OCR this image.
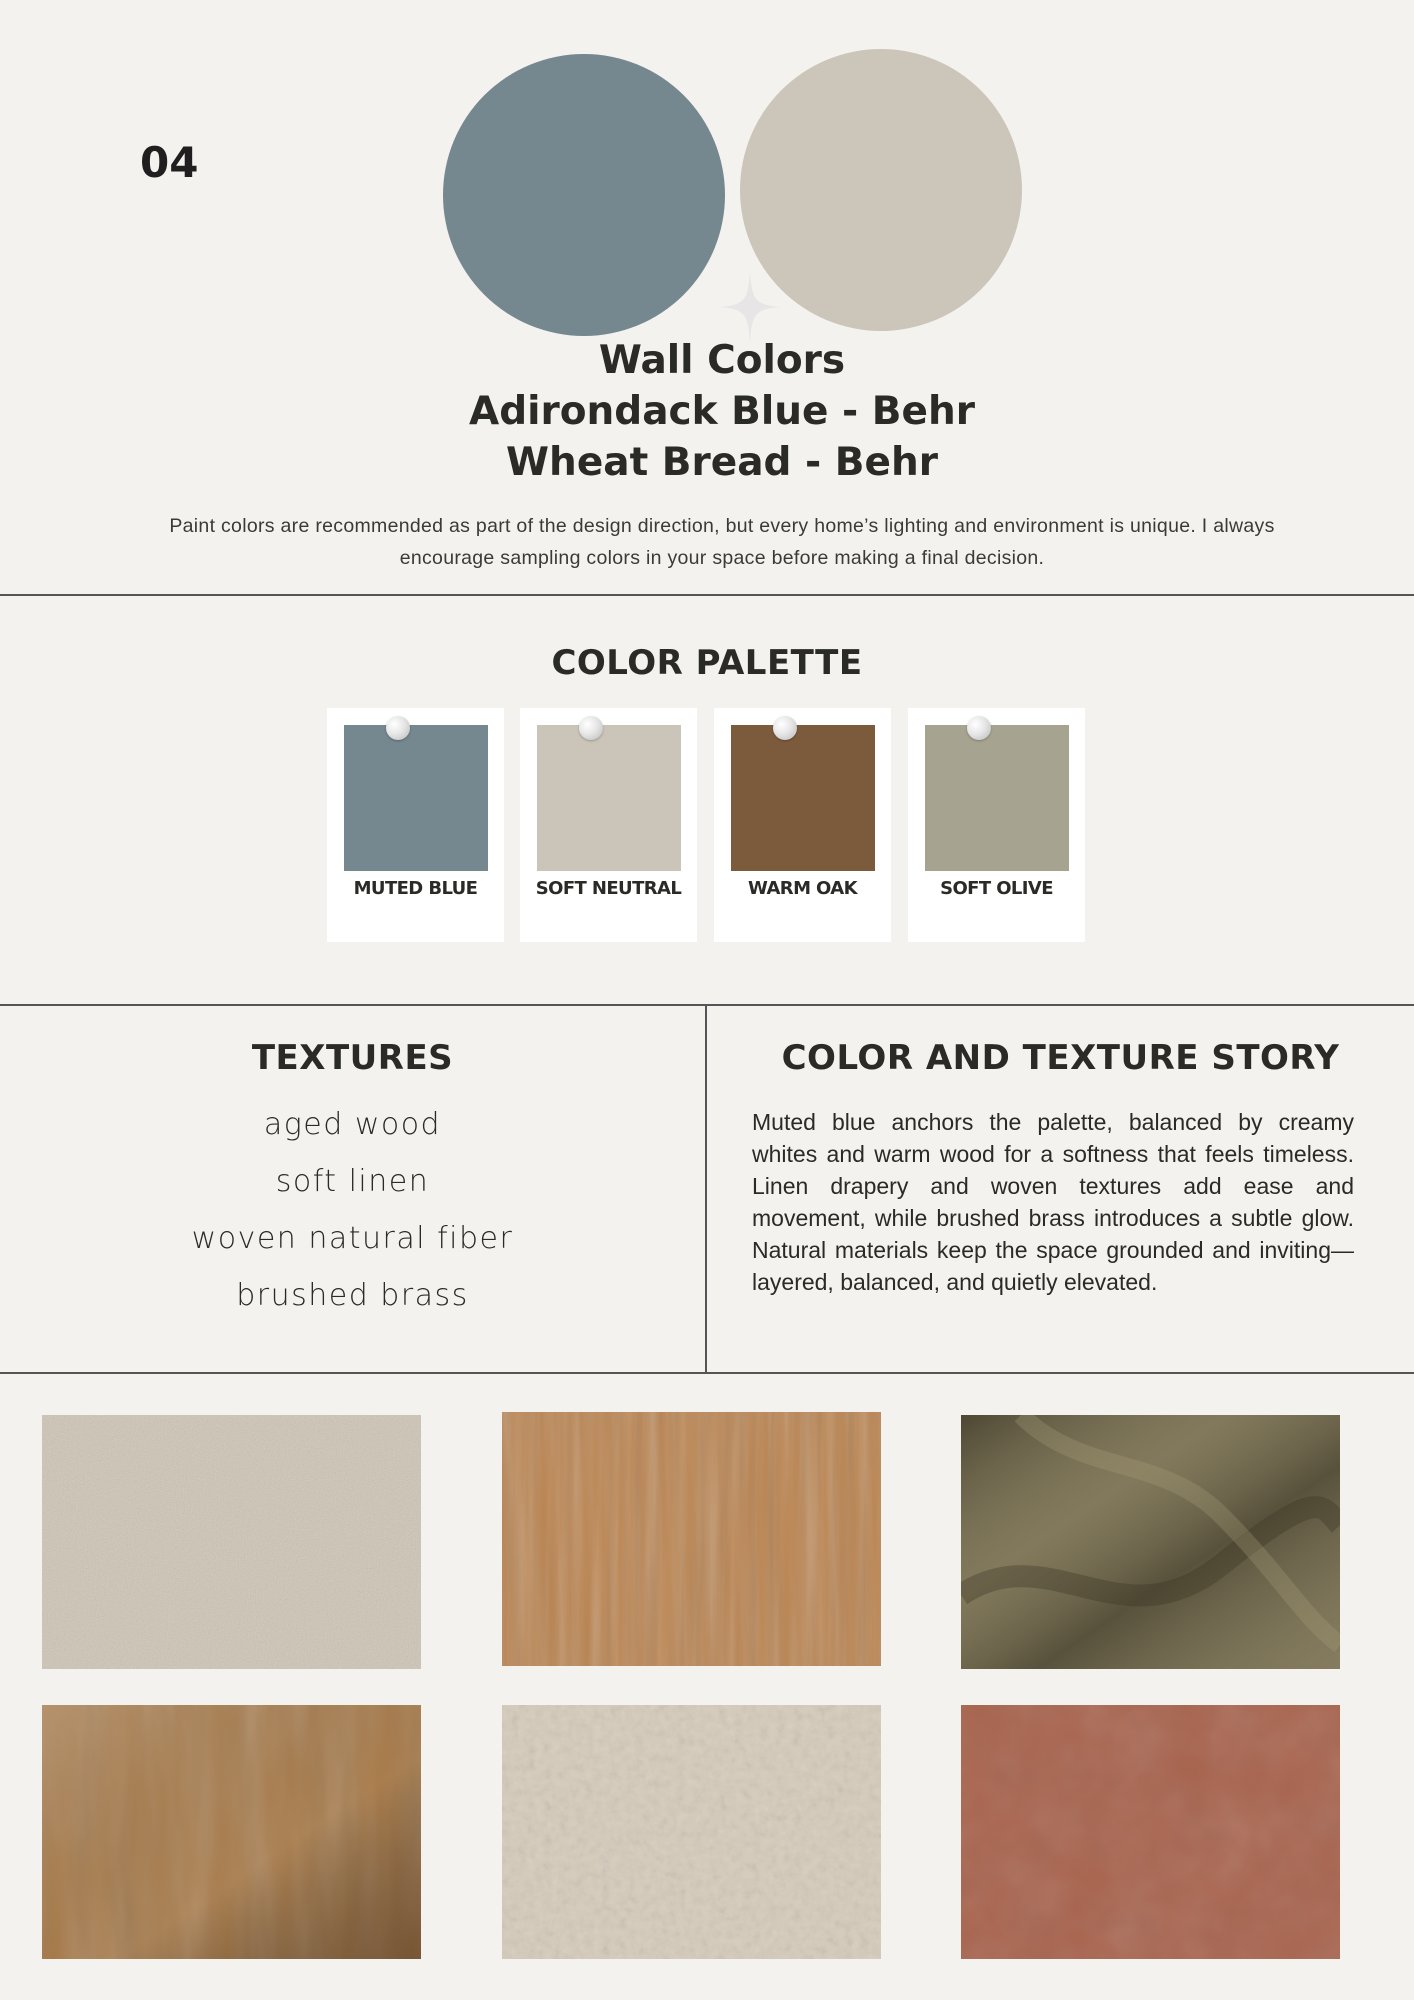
04
Wall Colors
Adirondack Blue - Behr
Wheat Bread - Behr
Paint colors are recommended as part of the design direction, but every home’s lighting and environment is unique. I always encourage sampling colors in your space before making a final decision.
COLOR PALETTE
MUTED BLUE	SOFT NEUTRAL	WARM OAK	SOFT OLIVE
TEXTURES
aged wood
soft linen
woven natural fiber
brushed brass
COLOR AND TEXTURE STORY
Muted blue anchors the palette, balanced by creamy whites and warm wood for a softness that feels timeless. Linen drapery and woven textures add ease and movement, while brushed brass introduces a subtle glow. Natural materials keep the space grounded and inviting—layered, balanced, and quietly elevated.
